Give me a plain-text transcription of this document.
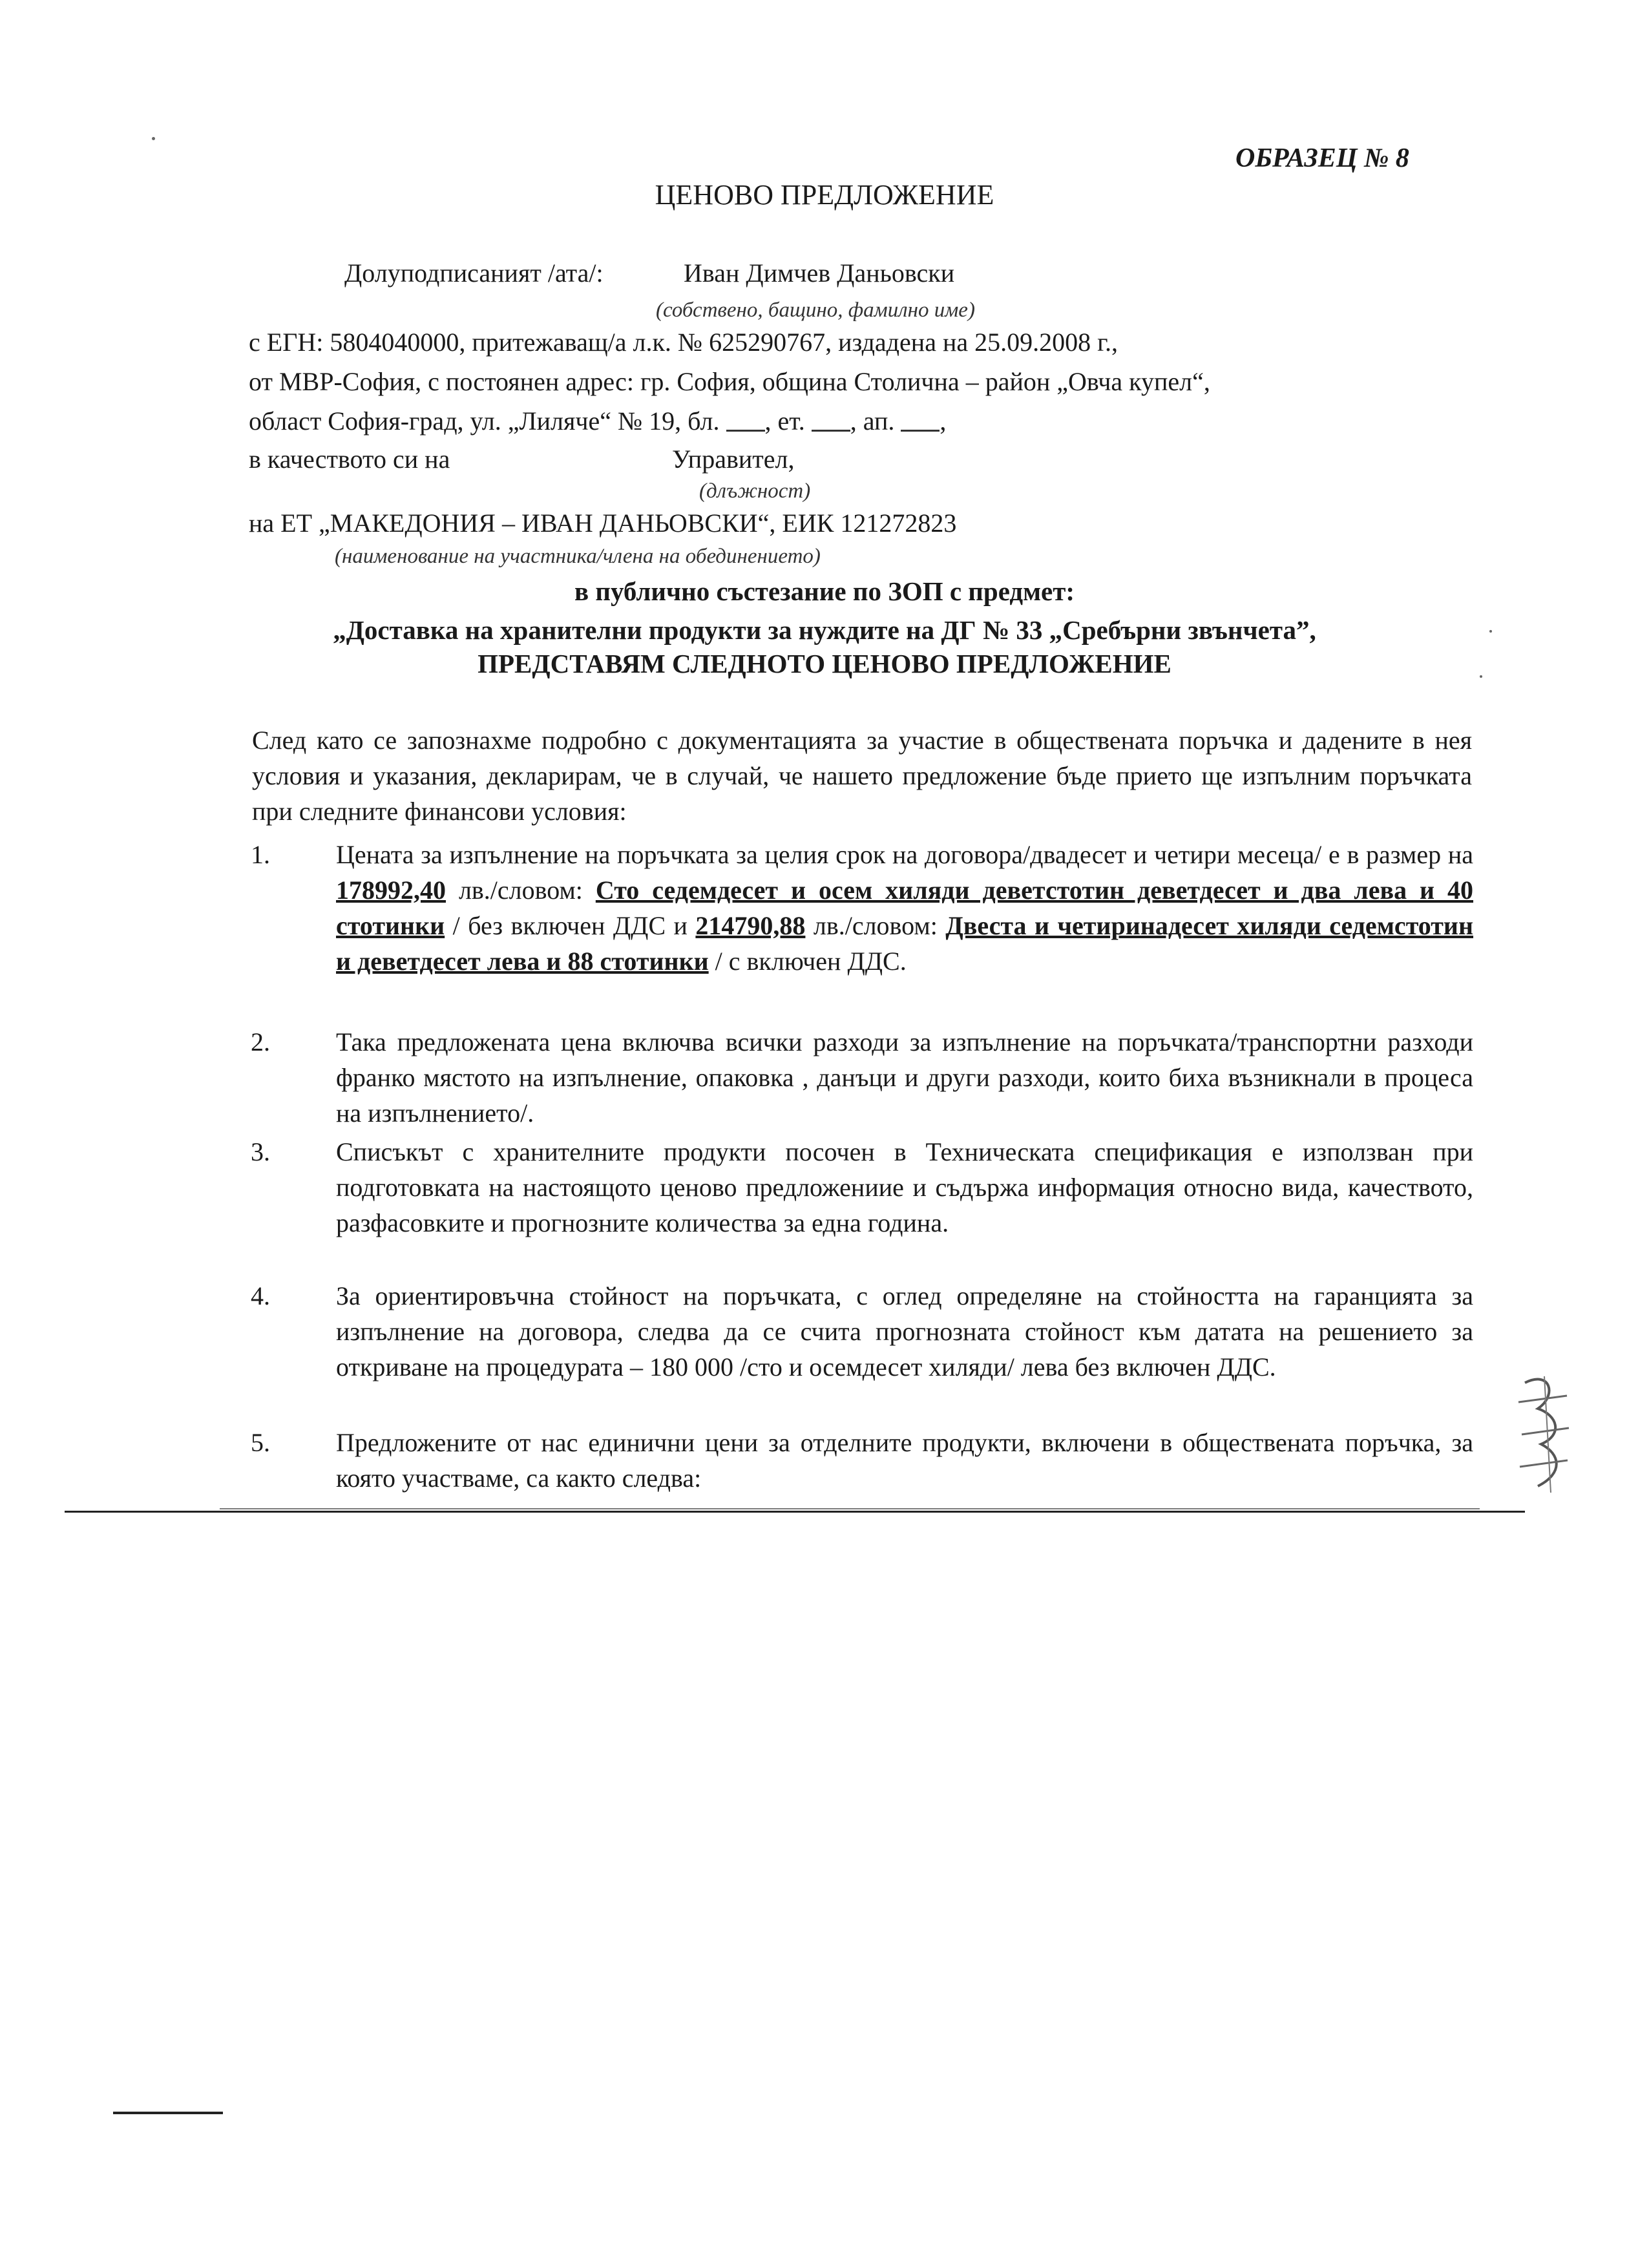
ОБРАЗЕЦ № 8
ЦЕНОВО ПРЕДЛОЖЕНИЕ
Долуподписаният /ата/:	Иван Димчев Даньовски
(собствено, бащино, фамилно име)
с ЕГН: 5804040000, притежаващ/а л.к. № 625290767, издадена на 25.09.2008 г.,
от МВР-София, с постоянен адрес: гр. София, община Столична – район „Овча купел“,
област София-град, ул. „Лиляче“ № 19, бл. , ет. , ап. ,
в качеството си на	Управител,
(длъжност)
на ЕТ „МАКЕДОНИЯ – ИВАН ДАНЬОВСКИ“, ЕИК 121272823
(наименование на участника/члена на обединението)
в публично състезание по ЗОП с предмет:
„Доставка на хранителни продукти за нуждите на ДГ № 33 „Сребърни звънчета”,
ПРЕДСТАВЯМ СЛЕДНОТО ЦЕНОВО ПРЕДЛОЖЕНИЕ
След като се запознахме подробно с документацията за участие в обществената поръчка и дадените в нея условия и указания, декларирам, че в случай, че нашето предложение бъде прието ще изпълним поръчката при следните финансови условия:
1.	Цената за изпълнение на поръчката за целия срок на договора/двадесет и четири месеца/ е в размер на 178992,40 лв./словом: Сто седемдесет и осем хиляди деветстотин деветдесет и два лева и 40 стотинки / без включен ДДС и 214790,88 лв./словом: Двеста и четиринадесет хиляди седемстотин и деветдесет лева и 88 стотинки / с включен ДДС.
2.	Така предложената цена включва всички разходи за изпълнение на поръчката/транспортни разходи франко мястото на изпълнение, опаковка , данъци и други разходи, които биха възникнали в процеса на изпълнението/.
3.	Списъкът с хранителните продукти посочен в Техническата спецификация е използван при подготовката на настоящото ценово предложениие и съдържа информация относно вида, качеството, разфасовките и прогнозните количества за една година.
4.	За ориентировъчна стойност на поръчката, с оглед определяне на стойността на гаранцията за изпълнение на договора, следва да се счита прогнозната стойност към датата на решението за откриване на процедурата – 180 000 /сто и осемдесет хиляди/ лева без включен ДДС.
5.	Предложените от нас единични цени за отделните продукти, включени в обществената поръчка, за която участваме, са както следва:
